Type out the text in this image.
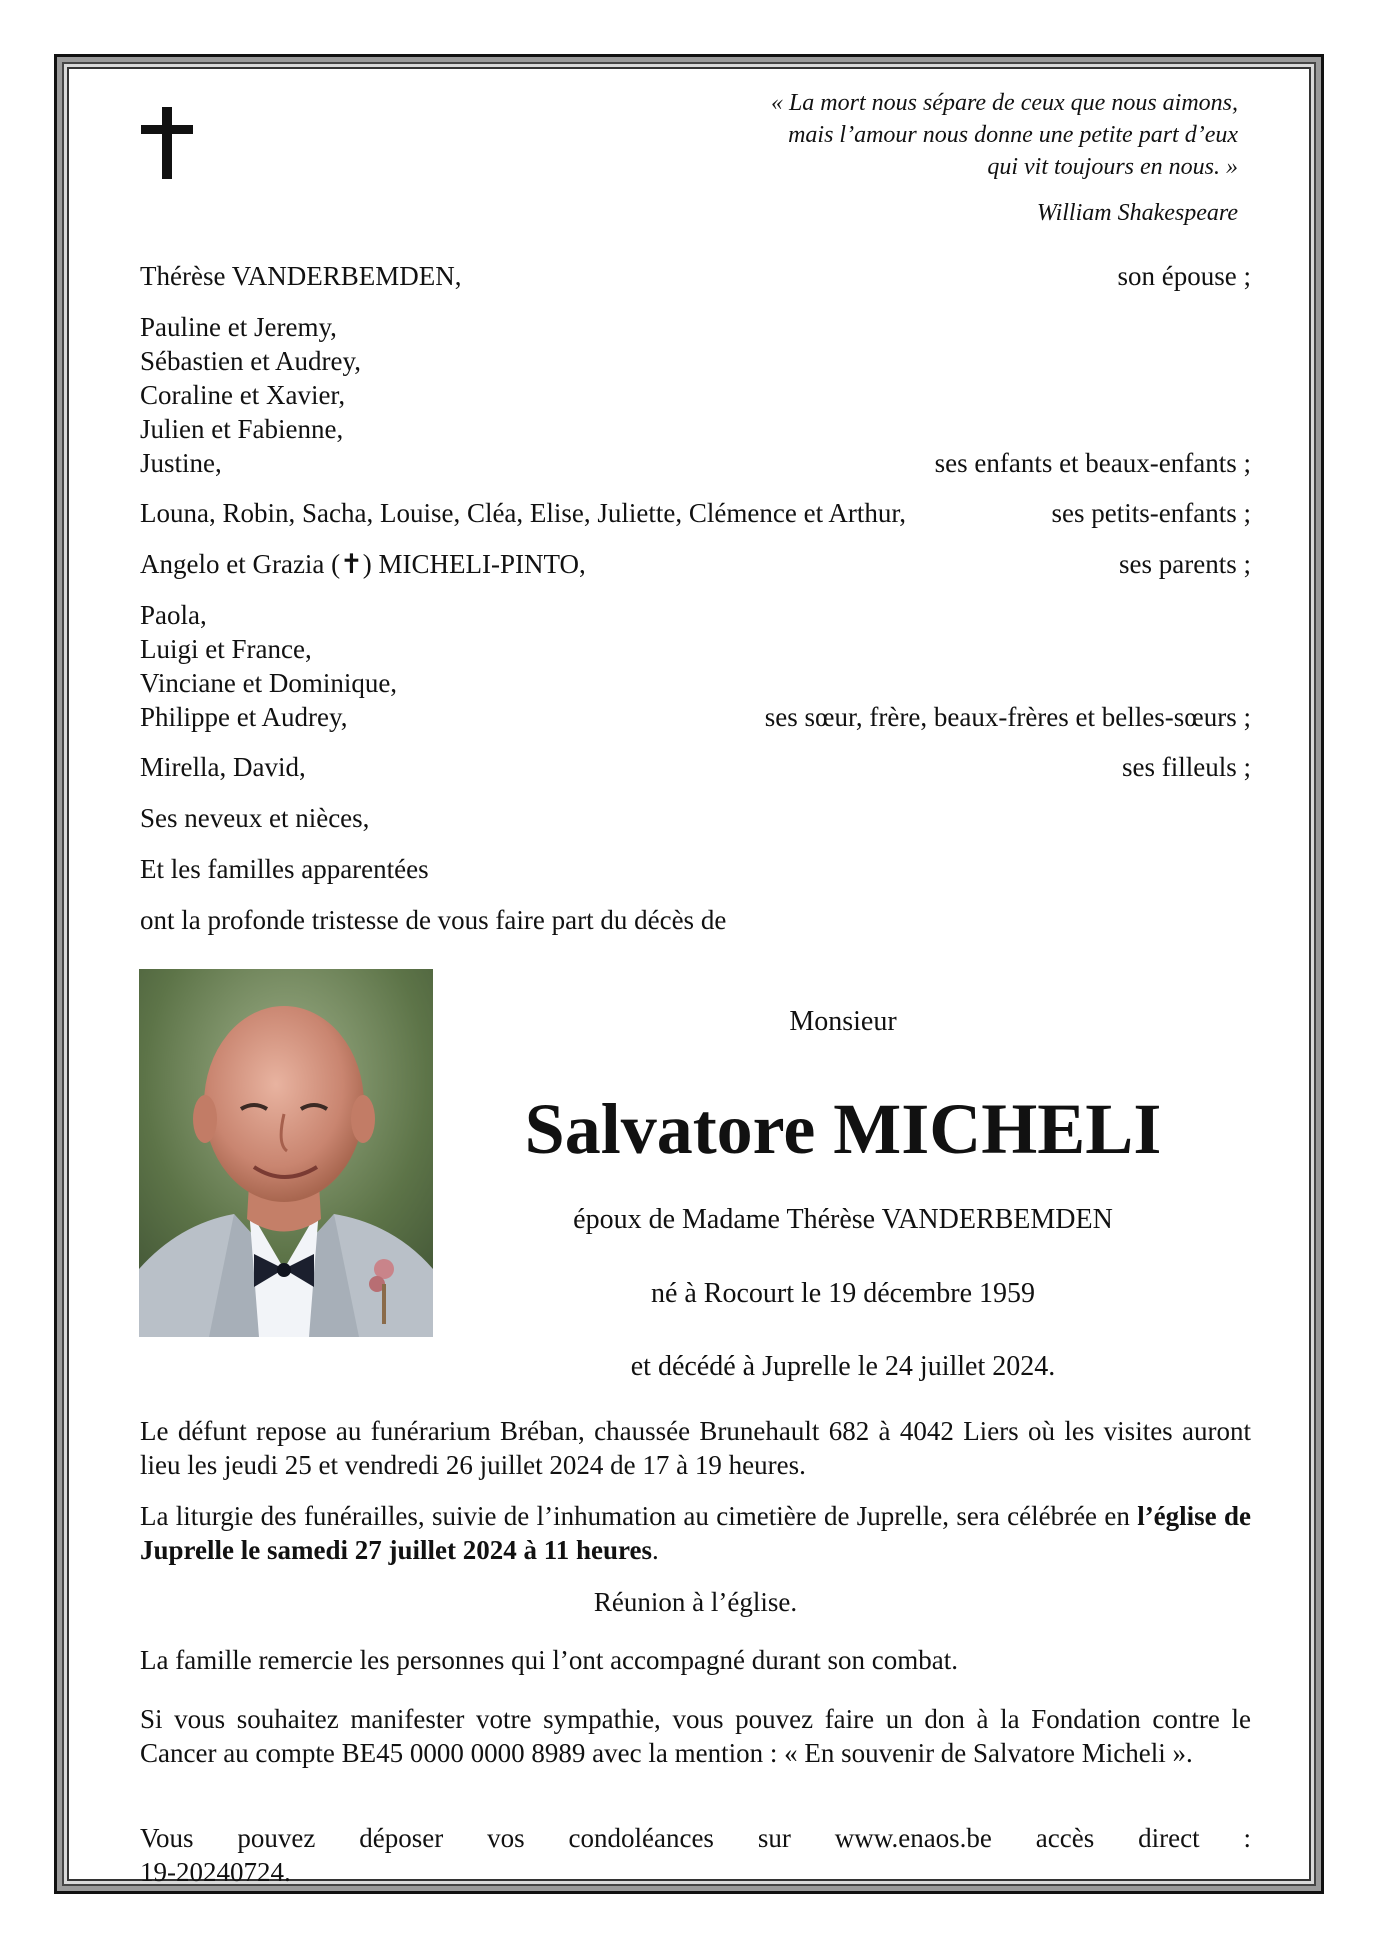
« La mort nous sépare de ceux que nous aimons,
mais l’amour nous donne une petite part d’eux
qui vit toujours en nous. »
William Shakespeare
Thérèse VANDERBEMDEN,	son épouse ;
Pauline et Jeremy,
Sébastien et Audrey,
Coraline et Xavier,
Julien et Fabienne,
Justine,	ses enfants et beaux-enfants ;
Louna, Robin, Sacha, Louise, Cléa, Elise, Juliette, Clémence et Arthur,	ses petits-enfants ;
Angelo et Grazia (✝) MICHELI-PINTO,	ses parents ;
Paola,
Luigi et France,
Vinciane et Dominique,
Philippe et Audrey,	ses sœur, frère, beaux-frères et belles-sœurs ;
Mirella, David,	ses filleuls ;
Ses neveux et nièces,
Et les familles apparentées
ont la profonde tristesse de vous faire part du décès de
Monsieur
Salvatore MICHELI
époux de Madame Thérèse VANDERBEMDEN
né à Rocourt le 19 décembre 1959
et décédé à Juprelle le 24 juillet 2024.
Le défunt repose au funérarium Bréban, chaussée Brunehault 682 à 4042 Liers où les visites auront lieu les jeudi 25 et vendredi 26 juillet 2024 de 17 à 19 heures.
La liturgie des funérailles, suivie de l’inhumation au cimetière de Juprelle, sera célébrée en l’église de Juprelle le samedi 27 juillet 2024 à 11 heures.
Réunion à l’église.
La famille remercie les personnes qui l’ont accompagné durant son combat.
Si vous souhaitez manifester votre sympathie, vous pouvez faire un don à la Fondation contre le Cancer au compte BE45 0000 0000 8989 avec la mention : « En souvenir de Salvatore Micheli ».
Vous pouvez déposer vos condoléances sur www.enaos.be accès direct :
19-20240724.
